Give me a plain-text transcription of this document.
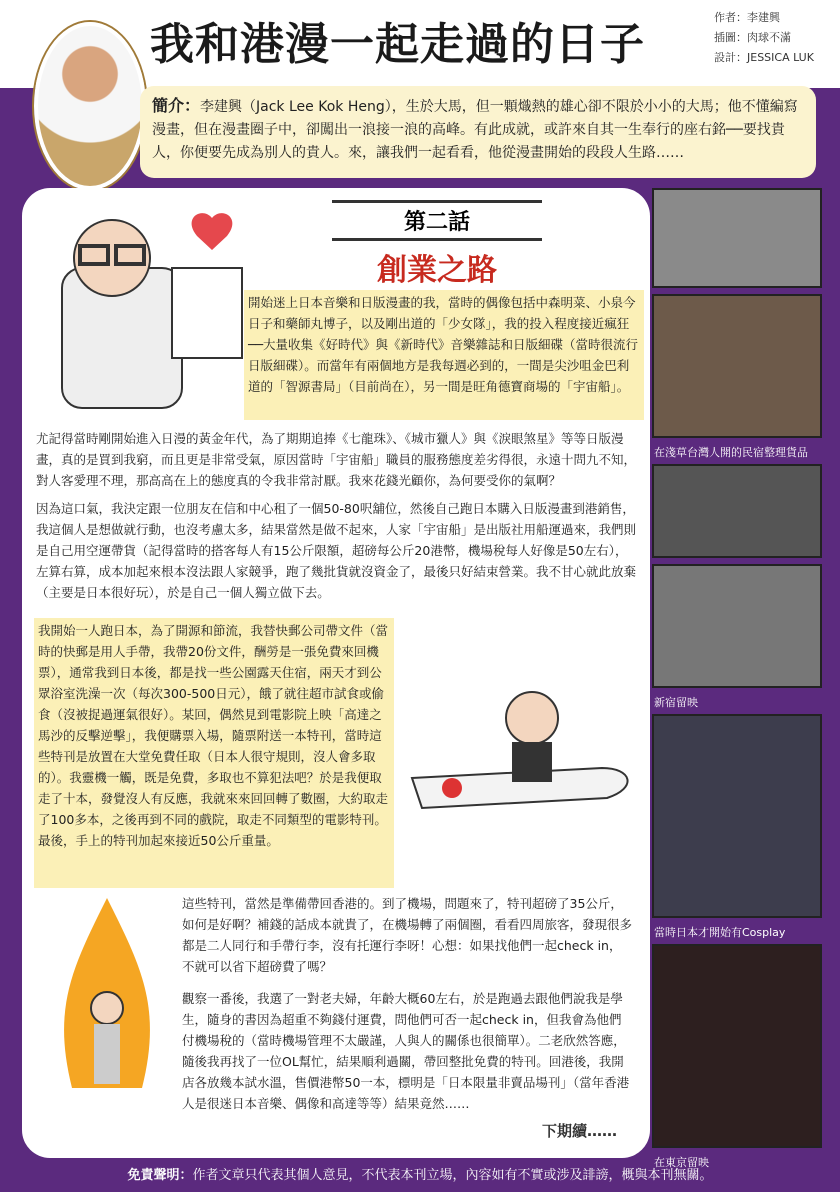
我和港漫一起走過的日子
作者：李建興
插圖：肉球不滿
設計：JESSICA LUK
簡介：李建興（Jack Lee Kok Heng），生於大馬，但一顆熾熱的雄心卻不限於小小的大馬；他不懂編寫漫畫，但在漫畫圈子中，卻闖出一浪接一浪的高峰。有此成就，或許來自其一生奉行的座右銘──要找貴人，你便要先成為別人的貴人。來，讓我們一起看看，他從漫畫開始的段段人生路……
第二話
創業之路
開始迷上日本音樂和日版漫畫的我，當時的偶像包括中森明菜、小泉今日子和藥師丸博子，以及剛出道的「少女隊」，我的投入程度接近瘋狂──大量收集《好時代》與《新時代》音樂雜誌和日版細碟（當時很流行日版細碟）。而當年有兩個地方是我每週必到的，一間是尖沙咀金巴利道的「智源書局」（目前尚在），另一間是旺角德寶商場的「宇宙船」。
尤記得當時剛開始進入日漫的黃金年代，為了期期追捧《七龍珠》、《城市獵人》與《淚眼煞星》等等日版漫畫，真的是買到我窮，而且更是非常受氣，原因當時「宇宙船」職員的服務態度差劣得很，永遠十問九不知，對人客愛理不理，那高高在上的態度真的令我非常討厭。我來花錢光顧你，為何要受你的氣啊？
因為這口氣，我決定跟一位朋友在信和中心租了一個50-80呎舖位，然後自己跑日本購入日版漫畫到港銷售，我這個人是想做就行動，也沒考慮太多，結果當然是做不起來，人家「宇宙船」是出版社用船運過來，我們則是自己用空運帶貨（記得當時的搭客每人有15公斤限額，超磅每公斤20港幣，機場稅每人好像是50左右），左算右算，成本加起來根本沒法跟人家競爭，跑了幾批貨就沒資金了，最後只好結束營業。我不甘心就此放棄（主要是日本很好玩），於是自己一個人獨立做下去。
我開始一人跑日本，為了開源和節流，我替快郵公司帶文件（當時的快郵是用人手帶，我帶20份文件，酬勞是一張免費來回機票），通常我到日本後，都是找一些公園露天住宿，兩天才到公眾浴室洗澡一次（每次300-500日元），餓了就往超市試食或偷食（沒被捉過運氣很好）。某回，偶然見到電影院上映「高達之馬沙的反擊逆擊」，我便購票入場，隨票附送一本特刊，當時這些特刊是放置在大堂免費任取（日本人很守規則，沒人會多取的）。我靈機一觸，既是免費，多取也不算犯法吧？於是我便取走了十本，發覺沒人有反應，我就來來回回轉了數圈，大約取走了100多本，之後再到不同的戲院，取走不同類型的電影特刊。最後，手上的特刊加起來接近50公斤重量。
這些特刊，當然是準備帶回香港的。到了機場，問題來了，特刊超磅了35公斤，如何是好啊？補錢的話成本就貴了，在機場轉了兩個圈，看看四周旅客，發現很多都是二人同行和手帶行李，沒有托運行李呀！心想：如果找他們一起check in，不就可以省下超磅費了嗎？
觀察一番後，我選了一對老夫婦，年齡大概60左右，於是跑過去跟他們說我是學生，隨身的書因為超重不夠錢付運費，問他們可否一起check in，但我會為他們付機場稅的（當時機場管理不太嚴謹，人與人的關係也很簡單）。二老欣然答應，隨後我再找了一位OL幫忙，結果順利過關，帶回整批免費的特刊。回港後，我開店各放幾本試水溫，售價港幣50一本，標明是「日本限量非賣品場刊」（當年香港人是很迷日本音樂、偶像和高達等等）結果竟然……
下期續……
在淺草台灣人開的民宿整理貨品
新宿留映
當時日本才開始有Cosplay
在東京留映
免責聲明：作者文章只代表其個人意見，不代表本刊立場，內容如有不實或涉及誹謗，概與本刊無關。
